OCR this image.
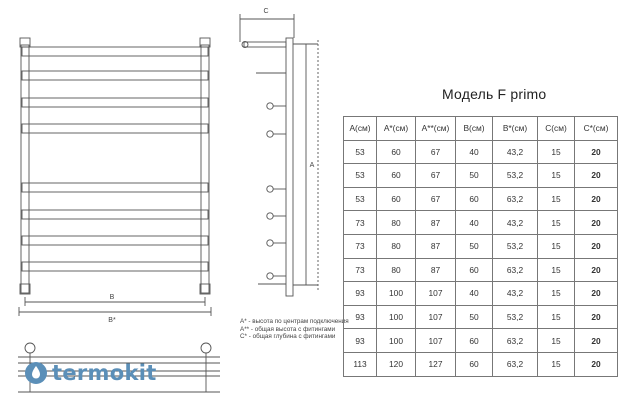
B
B*
C
A

A* - высота по центрам подключения

A** - общая высота с фитингами

C* - общая глубина с фитингами

termokit
Модель F primo
A(см)	A*(см)	A**(см)	B(см)	B*(см)	C(см)	C*(см)
53	60	67	40	43,2	15	20
53	60	67	50	53,2	15	20
53	60	67	60	63,2	15	20
73	80	87	40	43,2	15	20
73	80	87	50	53,2	15	20
73	80	87	60	63,2	15	20
93	100	107	40	43,2	15	20
93	100	107	50	53,2	15	20
93	100	107	60	63,2	15	20
113	120	127	60	63,2	15	20
